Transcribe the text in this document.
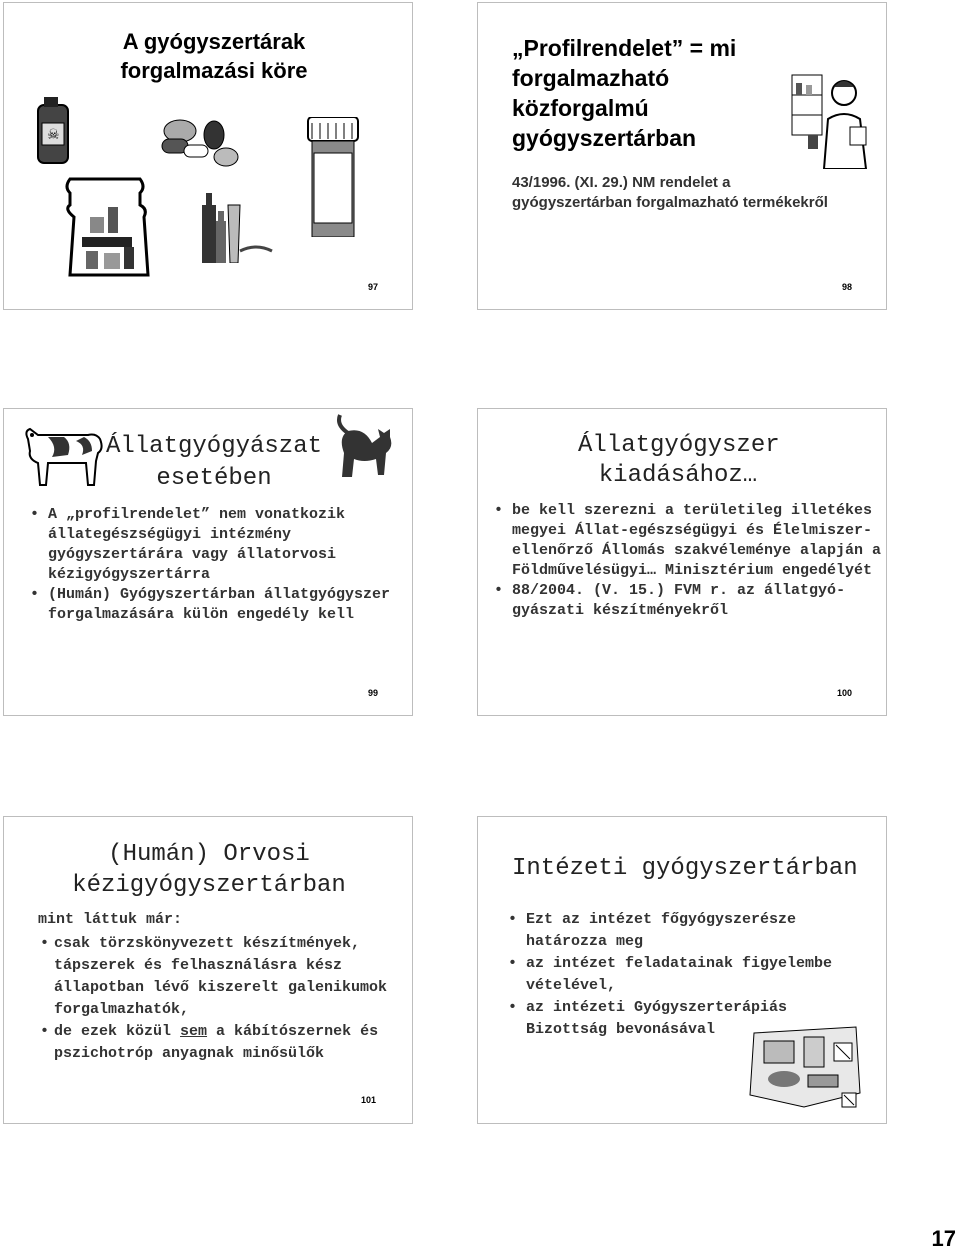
A gyógyszertárak forgalmazási köre
☠
97
„Profilrendelet” = mi forgalmazható közforgalmú gyógyszertárban
43/1996. (XI. 29.) NM rendelet a gyógyszertárban forgalmazható termékekről
98
Állatgyógyászat esetében
• A „profilrendelet” nem vonatkozik állategészségügyi intézmény gyógyszertárára vagy állatorvosi kézigyógyszertárra
• (Humán) Gyógyszertárban állatgyógyszer forgalmazására külön engedély kell
99
Állatgyógyszer kiadásához…
• be kell szerezni a területileg illetékes megyei Állat-egészségügyi és Élelmiszer-ellenőrző Állomás szakvéleménye alapján a Földművelésügyi… Minisztérium engedélyét
• 88/2004. (V. 15.) FVM r. az állatgyógyászati készítményekről
100
(Humán) Orvosi kézigyógyszertárban
mint láttuk már:
• csak törzskönyvezett készítmények, tápszerek és felhasználásra kész állapotban lévő kiszerelt galenikumok forgalmazhatók,
• de ezek közül sem a kábítószernek és pszichotróp anyagnak minősülők
101
Intézeti gyógyszertárban
• Ezt az intézet főgyógyszerésze határozza meg
• az intézet feladatainak figyelembe vételével,
• az intézeti Gyógyszerterápiás Bizottság bevonásával
17
